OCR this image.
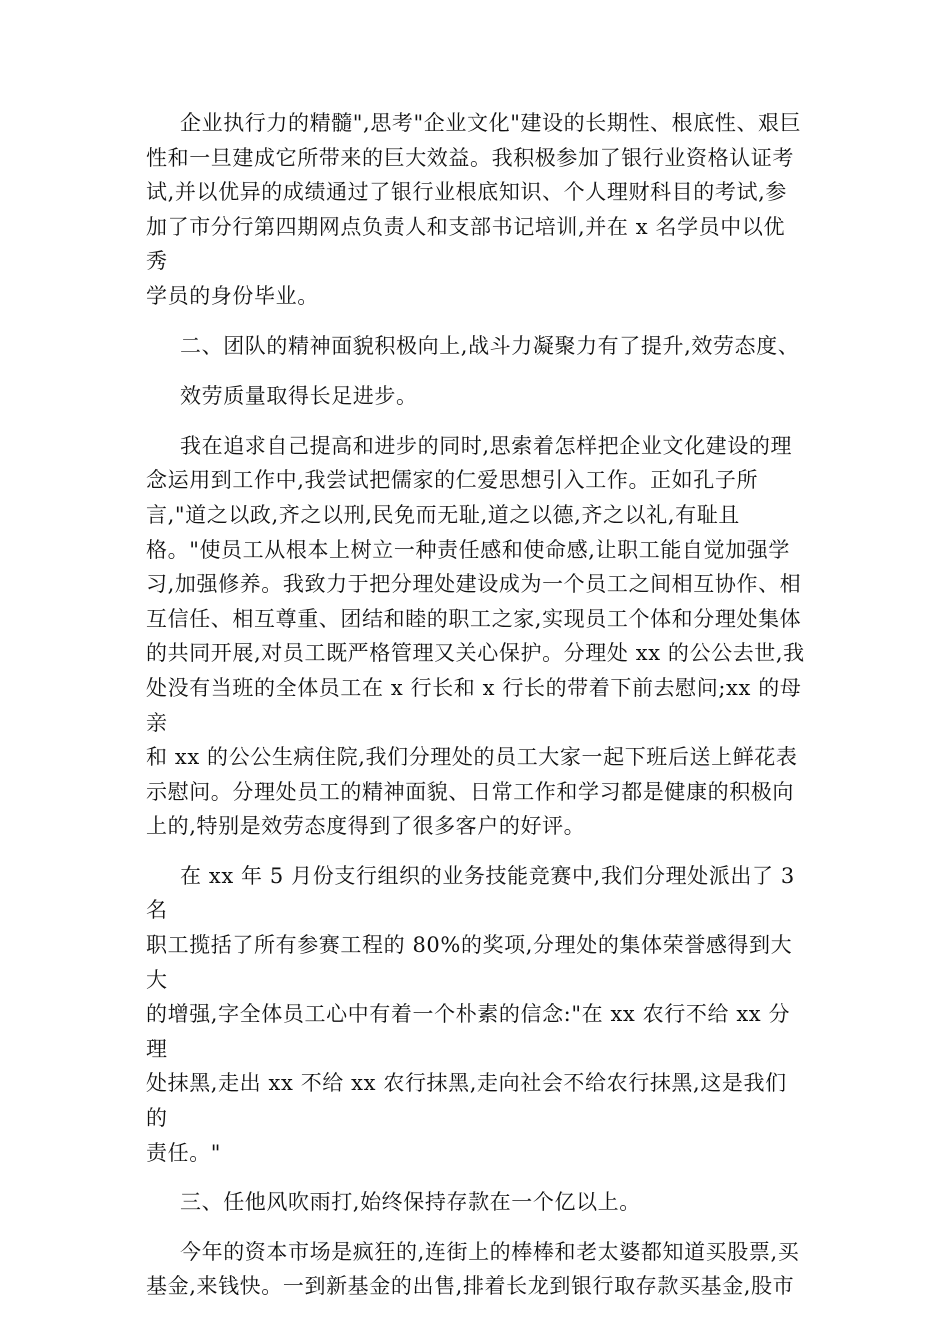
企业执行力的精髓",思考"企业文化"建设的长期性、根底性、艰巨
性和一旦建成它所带来的巨大效益。我积极参加了银行业资格认证考
试,并以优异的成绩通过了银行业根底知识、个人理财科目的考试,参
加了市分行第四期网点负责人和支部书记培训,并在 x 名学员中以优秀
学员的身份毕业。
二、团队的精神面貌积极向上,战斗力凝聚力有了提升,效劳态度、
效劳质量取得长足进步。
我在追求自己提高和进步的同时,思索着怎样把企业文化建设的理
念运用到工作中,我尝试把儒家的仁爱思想引入工作。正如孔子所
言,"道之以政,齐之以刑,民免而无耻,道之以德,齐之以礼,有耻且
格。"使员工从根本上树立一种责任感和使命感,让职工能自觉加强学
习,加强修养。我致力于把分理处建设成为一个员工之间相互协作、相
互信任、相互尊重、团结和睦的职工之家,实现员工个体和分理处集体
的共同开展,对员工既严格管理又关心保护。分理处 xx 的公公去世,我
处没有当班的全体员工在 x 行长和 x 行长的带着下前去慰问;xx 的母亲
和 xx 的公公生病住院,我们分理处的员工大家一起下班后送上鲜花表
示慰问。分理处员工的精神面貌、日常工作和学习都是健康的积极向
上的,特别是效劳态度得到了很多客户的好评。
在 xx 年 5 月份支行组织的业务技能竞赛中,我们分理处派出了 3 名
职工揽括了所有参赛工程的 80%的奖项,分理处的集体荣誉感得到大大
的增强,字全体员工心中有着一个朴素的信念:"在 xx 农行不给 xx 分理
处抹黑,走出 xx 不给 xx 农行抹黑,走向社会不给农行抹黑,这是我们的
责任。"
三、任他风吹雨打,始终保持存款在一个亿以上。
今年的资本市场是疯狂的,连街上的棒棒和老太婆都知道买股票,买
基金,来钱快。一到新基金的出售,排着长龙到银行取存款买基金,股市
